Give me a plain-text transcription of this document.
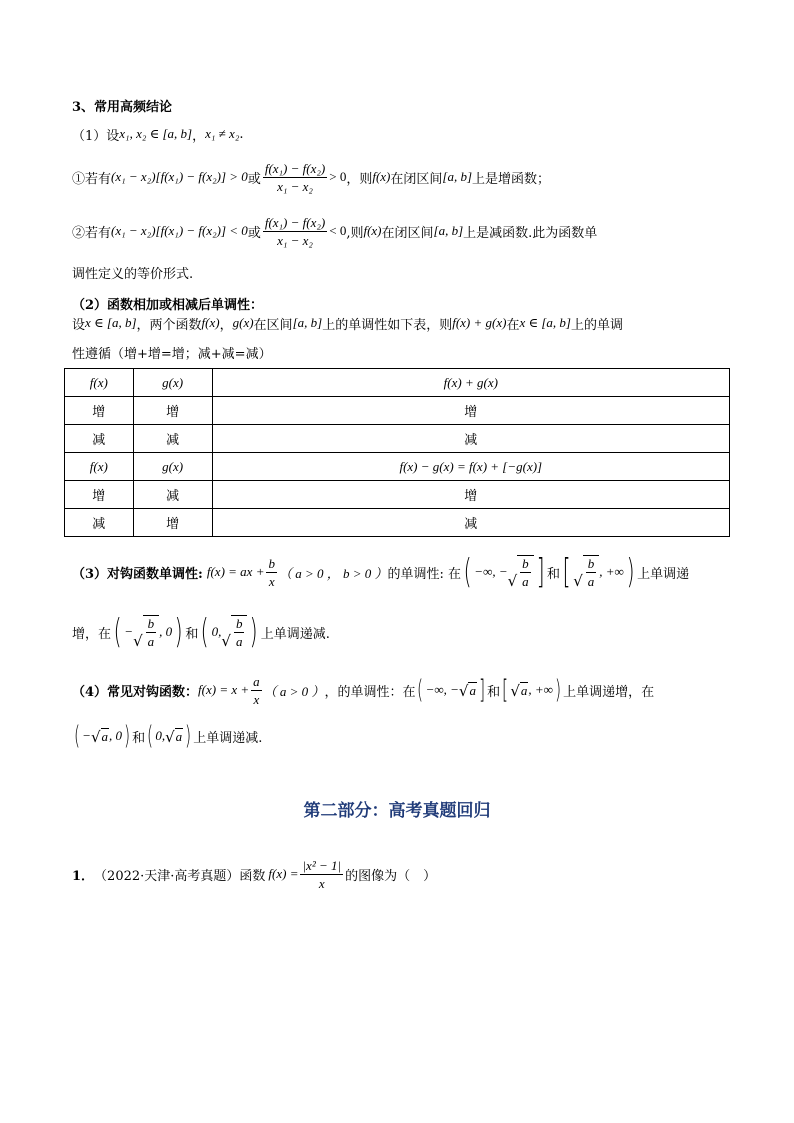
3、常用高频结论
（1）设 x₁, x₂ ∈ [a, b] ， x₁ ≠ x₂ .
①若有 (x₁ − x₂)[f(x₁) − f(x₂)] > 0 或 $\frac{\text{f(x₁) − f(x₂)}}{\text{x₁ − x₂}} > 0$ ，则 f(x) 在闭区间 [a, b] 上是增函数；
②若有 (x₁ − x₂)[f(x₁) − f(x₂)] < 0 或 $\frac{\text{f(x₁) − f(x₂)}}{\text{x₁ − x₂}} < 0$ ,则 f(x) 在闭区间 [a, b] 上是减函数.此为函数单
调性定义的等价形式.
（2）函数相加或相减后单调性：
设 x ∈ [a, b] ，两个函数 f(x) ， g(x) 在区间 [a, b] 上的单调性如下表，则 f(x) + g(x) 在 x ∈ [a, b] 上的单调
性遵循（增+增=增；减+减=减）
f(x)	g(x)	f(x) + g(x)
增	增	增
减	减	减
f(x)	g(x)	f(x) − g(x) = f(x) + [−g(x)]
增	减	增
减	增	减
（3）对钩函数单调性: f(x) = ax + $\frac{b}{x}$ （ a > 0 ， b > 0 ） 的单调性: 在 ( −∞, −
√ $\frac{b}{a}$ ] 和 [ √ $\frac{b}{a}$ , +∞ ) 上单调递
增，在 ( −
√ $\frac{b}{a}$ , 0 ) 和 ( 0,
√ $\frac{b}{a}$ ) 上单调递减.
（4）常见对钩函数： $f(x) = x + \frac{a}{x}$ （ a > 0 ） ，的单调性：在 ( −∞, − √ a ] 和 [ √ a , +∞ ) 上单调递增，在
( − √ a , 0 ) 和 ( 0, √ a ) 上单调递减.
第二部分：高考真题回归
1． （2022·天津·高考真题）函数 $f(x) = \frac{\text{|x² − 1|}}{x}$ 的图像为（　）
